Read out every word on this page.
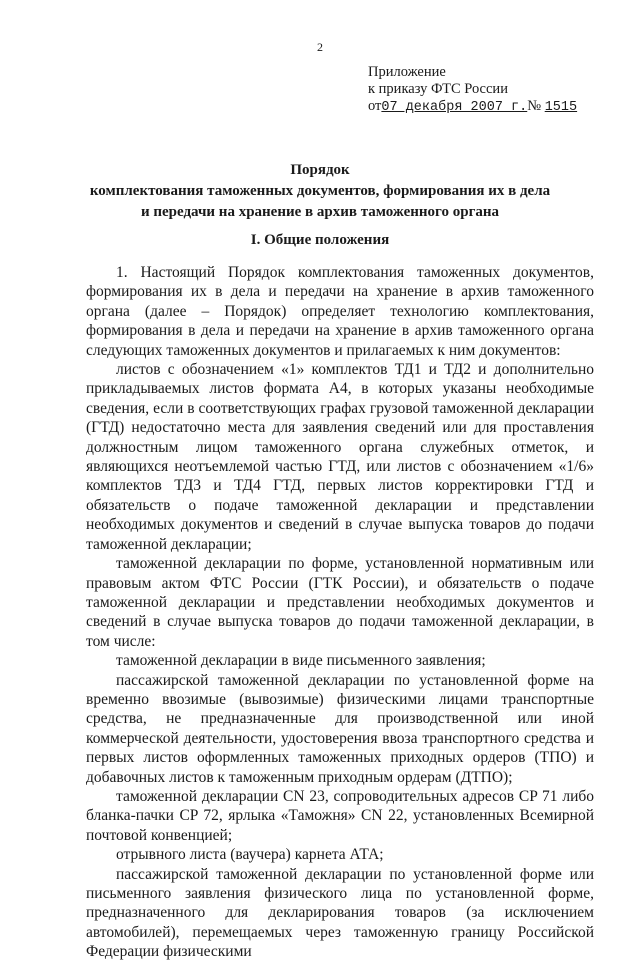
2
Приложение
к приказу ФТС России
от07 декабря 2007 г.№ 1515
Порядок
комплектования таможенных документов, формирования их в дела
и передачи на хранение в архив таможенного органа
I. Общие положения

1. Настоящий Порядок комплектования таможенных документов, формирования их в дела и передачи на хранение в архив таможенного органа (далее – Порядок) определяет технологию комплектования, формирования в дела и передачи на хранение в архив таможенного органа следующих таможенных документов и прилагаемых к ним документов:

листов с обозначением «1» комплектов ТД1 и ТД2 и дополнительно прикладываемых листов формата А4, в которых указаны необходимые сведения, если в соответствующих графах грузовой таможенной декларации (ГТД) недостаточно места для заявления сведений или для проставления должностным лицом таможенного органа служебных отметок, и являющихся неотъемлемой частью ГТД, или листов с обозначением «1/6» комплектов ТД3 и ТД4 ГТД, первых листов корректировки ГТД и обязательств о подаче таможенной декларации и представлении необходимых документов и сведений в случае выпуска товаров до подачи таможенной декларации;

таможенной декларации по форме, установленной нормативным или правовым актом ФТС России (ГТК России), и обязательств о подаче таможенной декларации и представлении необходимых документов и сведений в случае выпуска товаров до подачи таможенной декларации, в том числе:

таможенной декларации в виде письменного заявления;

пассажирской таможенной декларации по установленной форме на временно ввозимые (вывозимые) физическими лицами транспортные средства, не предназначенные для производственной или иной коммерческой деятельности, удостоверения ввоза транспортного средства и первых листов оформленных таможенных приходных ордеров (ТПО) и добавочных листов к таможенным приходным ордерам (ДТПО);

таможенной декларации CN 23, сопроводительных адресов CP 71 либо бланка-пачки CP 72, ярлыка «Таможня» CN 22, установленных Всемирной почтовой конвенцией;

отрывного листа (ваучера) карнета АТА;

пассажирской таможенной декларации по установленной форме или письменного заявления физического лица по установленной форме, предназначенного для декларирования товаров (за исключением автомобилей), перемещаемых через таможенную границу Российской Федерации физическими
